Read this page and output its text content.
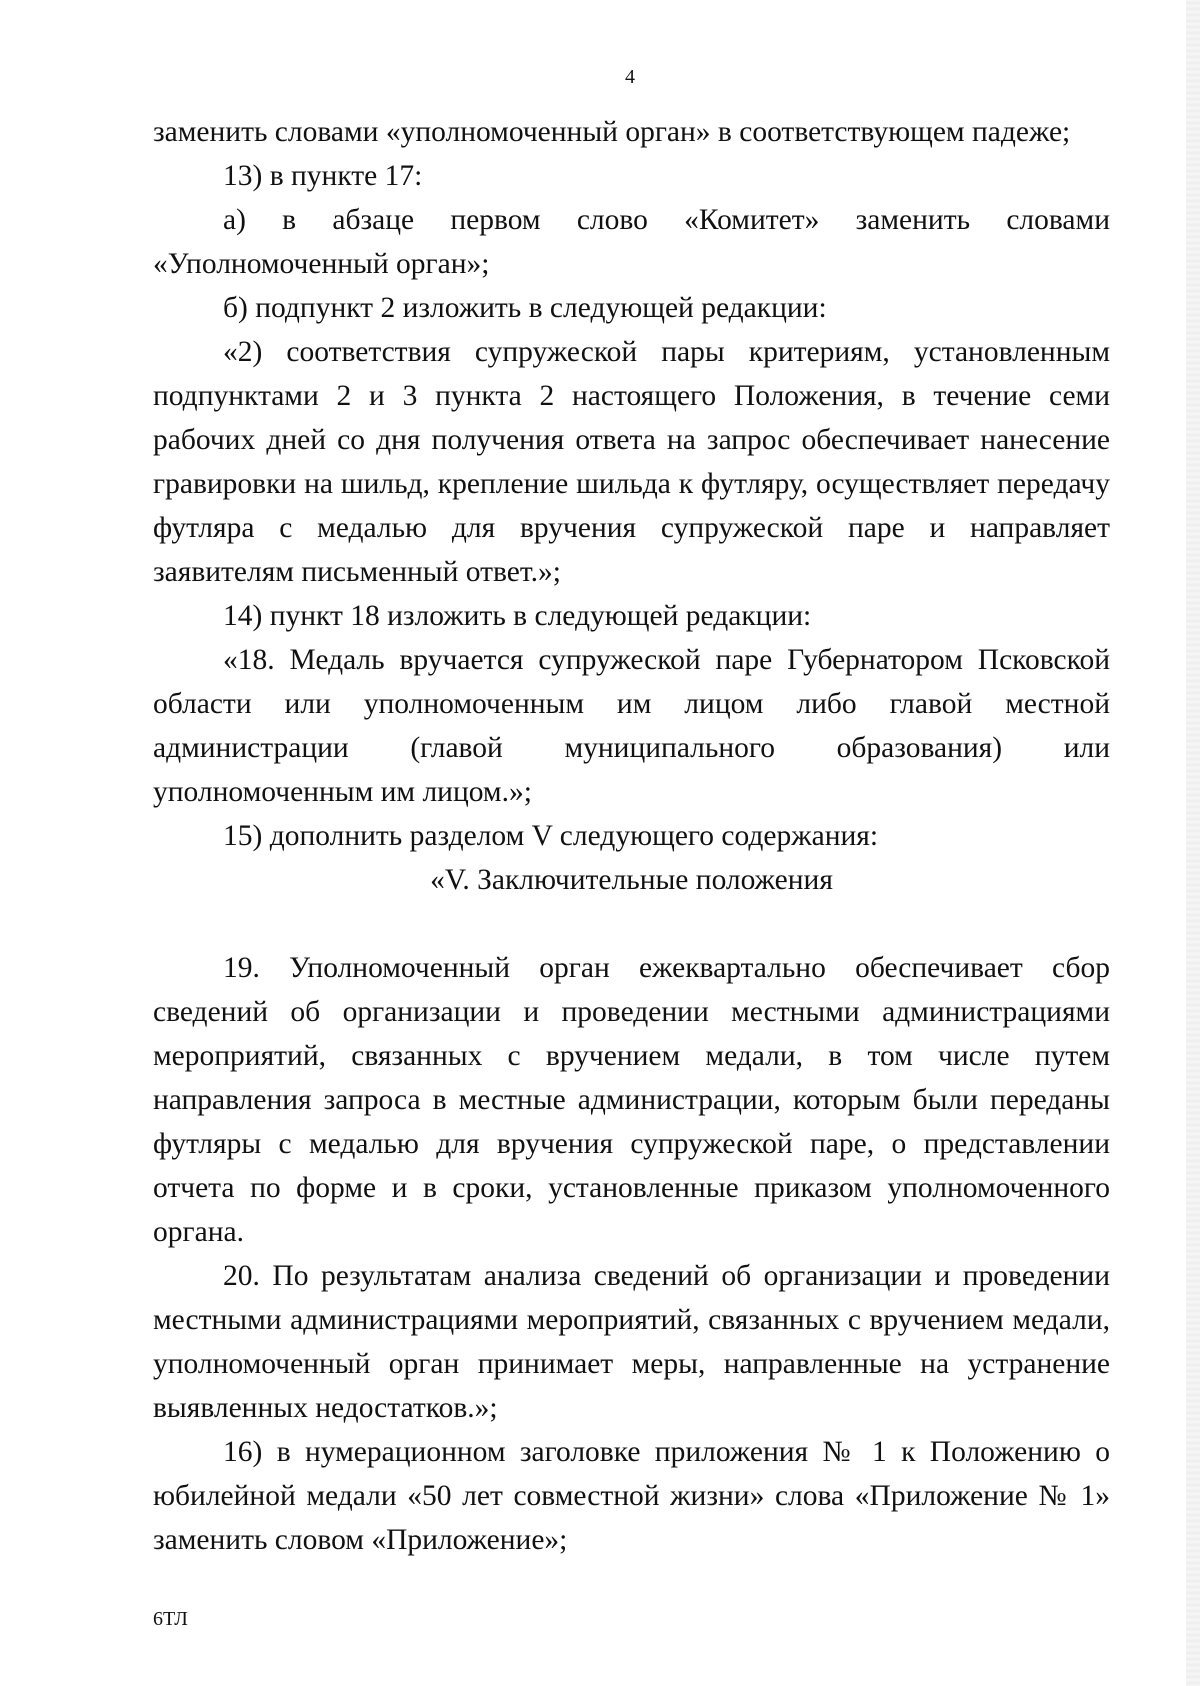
4

заменить словами «уполномоченный орган» в соответствующем падеже;

13) в пункте 17:

а) в абзаце первом слово «Комитет» заменить словами «Уполномоченный орган»;

б) подпункт 2 изложить в следующей редакции:

«2) соответствия супружеской пары критериям, установленным подпунктами 2 и 3 пункта 2 настоящего Положения, в течение семи рабочих дней со дня получения ответа на запрос обеспечивает нанесение гравировки на шильд, крепление шильда к футляру, осуществляет передачу футляра с медалью для вручения супружеской паре и направляет заявителям письменный ответ.»;

14) пункт 18 изложить в следующей редакции:

«18. Медаль вручается супружеской паре Губернатором Псковской области или уполномоченным им лицом либо главой местной администрации (главой муниципального образования) или уполномоченным им лицом.»;

15) дополнить разделом V следующего содержания:

«V. Заключительные положения

19. Уполномоченный орган ежеквартально обеспечивает сбор сведений об организации и проведении местными администрациями мероприятий, связанных с вручением медали, в том числе путем направления запроса в местные администрации, которым были переданы футляры с медалью для вручения супружеской паре, о представлении отчета по форме и в сроки, установленные приказом уполномоченного органа.

20. По результатам анализа сведений об организации и проведении местными администрациями мероприятий, связанных с вручением медали, уполномоченный орган принимает меры, направленные на устранение выявленных недостатков.»;

16) в нумерационном заголовке приложения № 1 к Положению о юбилейной медали «50 лет совместной жизни» слова «Приложение № 1» заменить словом «Приложение»;

6ТЛ
